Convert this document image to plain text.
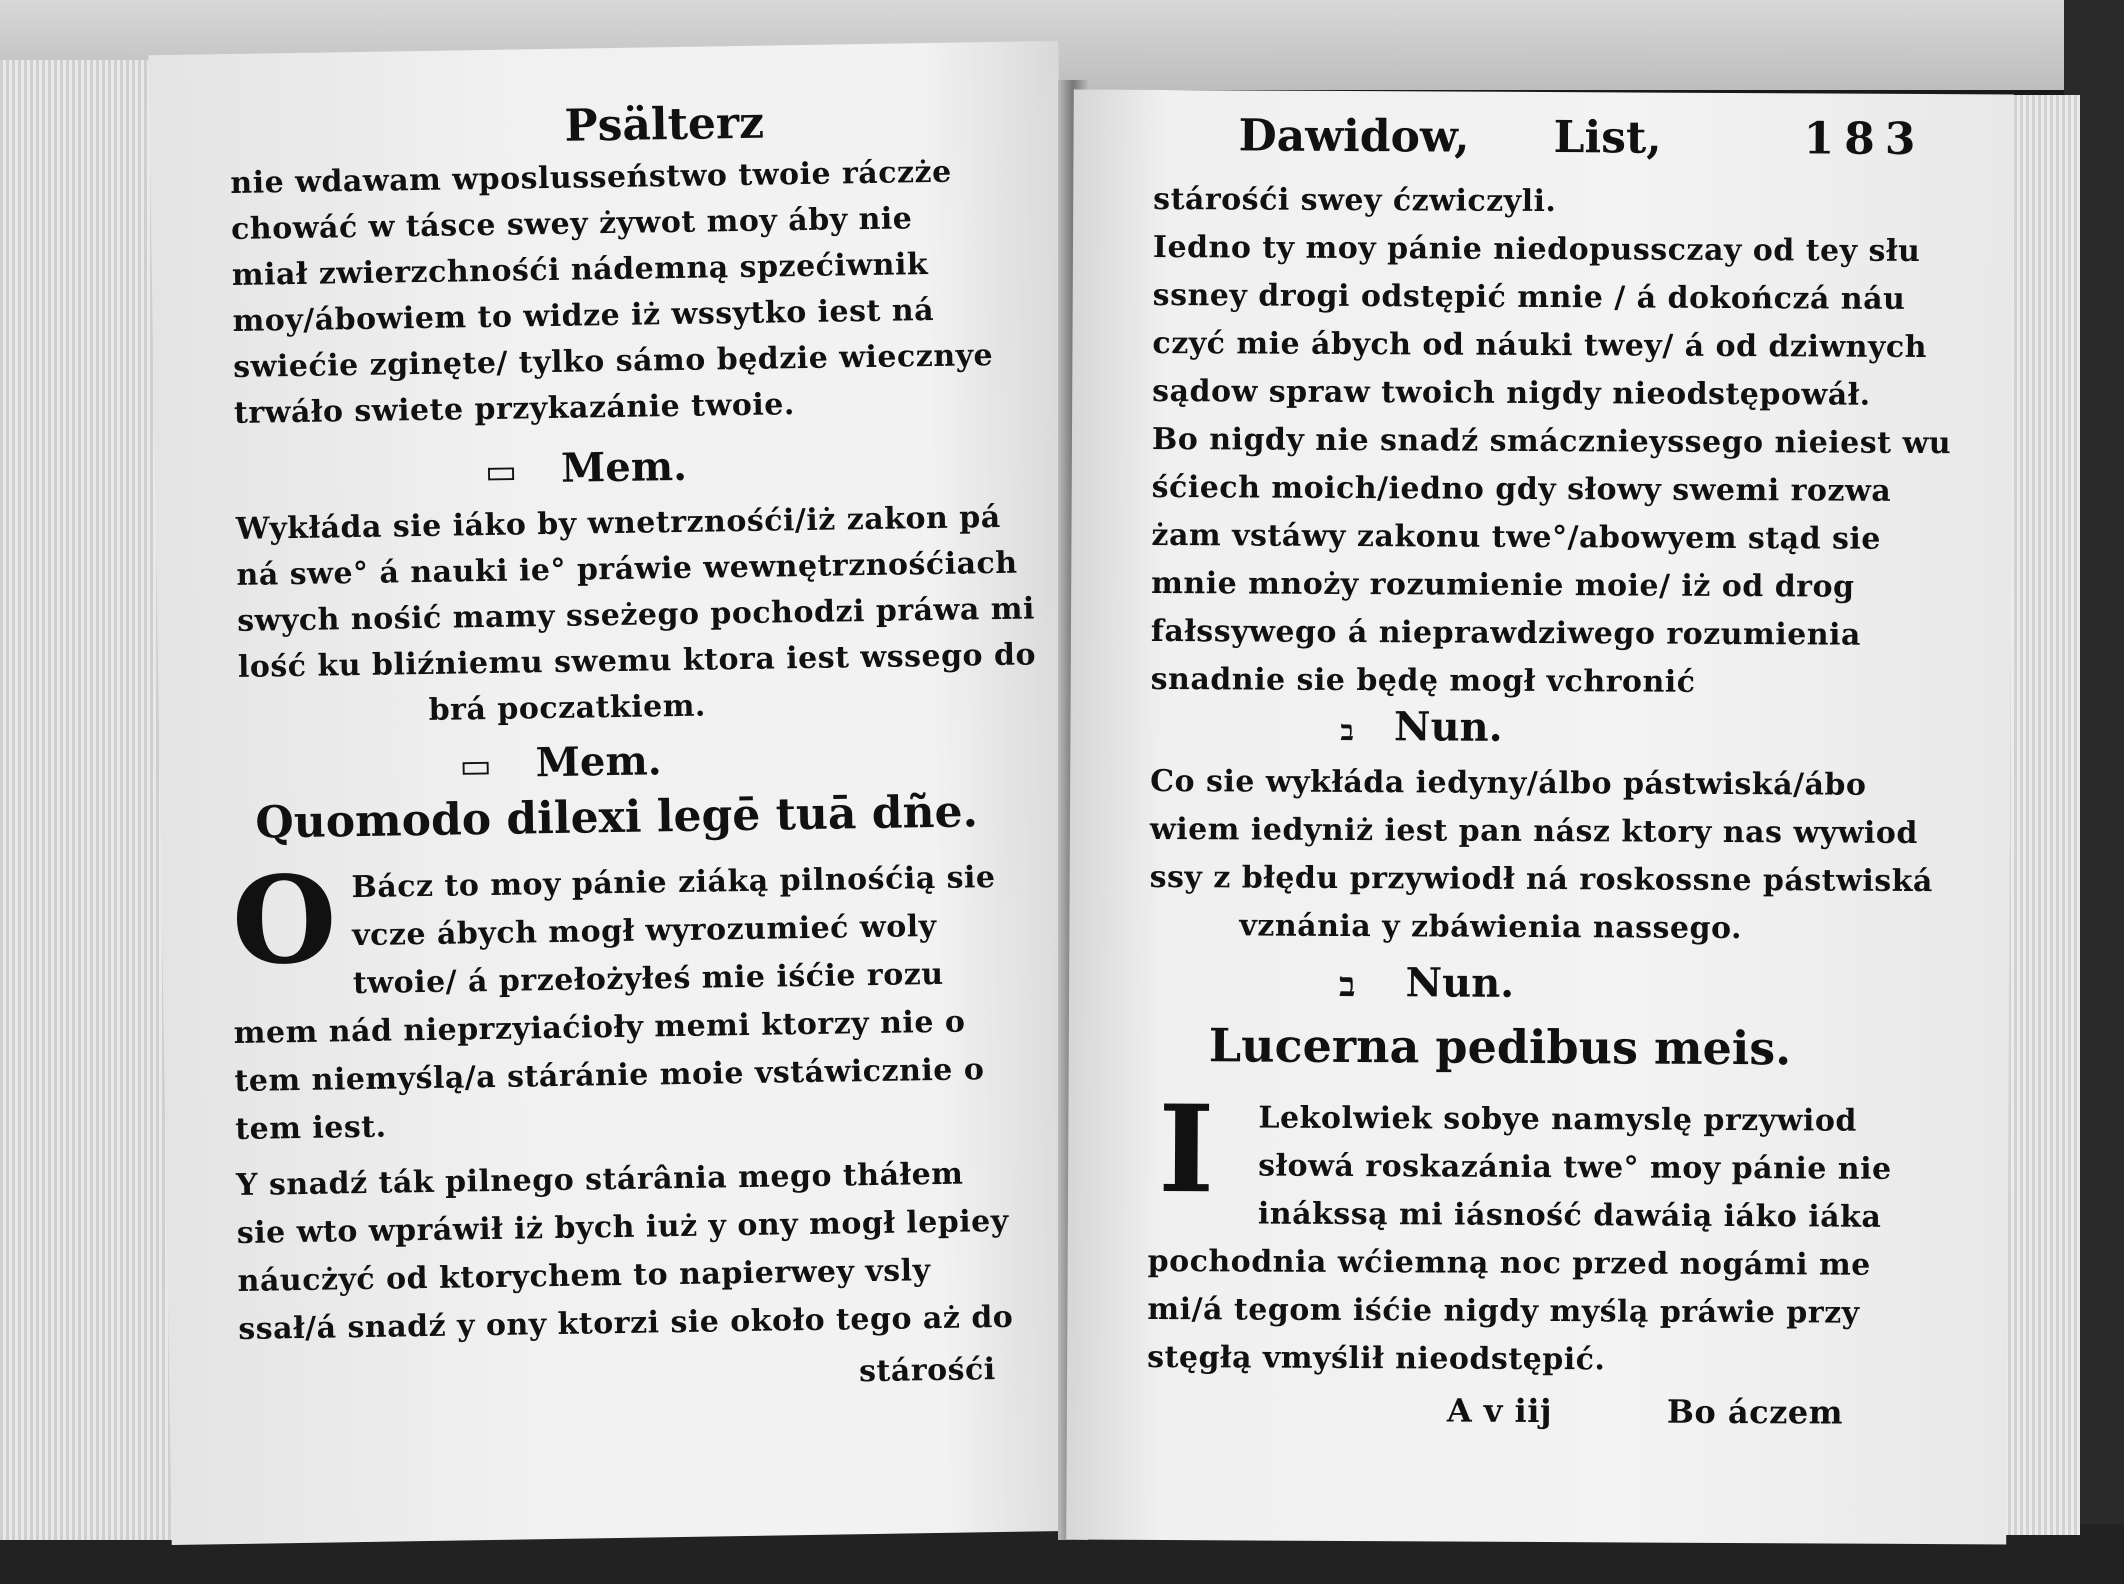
Psälterz
nie wdawam wposlusseństwo twoie ráczże
chowáć w tásce swey żywot moy áby nie
miał zwierzchnośći nádemną spzećiwnik
moy/ábowiem to widze iż wssytko iest ná
swiećie zginęte/ tylko sámo będzie wiecznye
trwáło swiete przykazánie twoie.
▭ Mem.
Wykłáda sie iáko by wnetrznośći/iż zakon pá
ná swe° á nauki ie° práwie wewnętrznośćiach
swych nośić mamy sseżego pochodzi práwa mi
lość ku bliźniemu swemu ktora iest wssego do
brá poczatkiem.
▭ Mem.
Quomodo dilexi legē tuā dñe.
O Bácz to moy pánie ziáką pilnośćią sie
vcze ábych mogł wyrozumieć woly
twoie/ á przełożyłeś mie iśćie rozu
mem nád nieprzyiaćioły memi ktorzy nie o
tem niemyślą/a stáránie moie vstáwicznie o
tem iest.
Y snadź ták pilnego stárânia mego tháłem
sie wto wpráwił iż bych iuż y ony mogł lepiey
náucżyć od ktorychem to napierwey vsly
ssał/á snadź y ony ktorzi sie około tego aż do
stárośći
Dawidow, List,	183
stárośći swey ćzwiczyli.
Iedno ty moy pánie niedopussczay od tey słu
ssney drogi odstępić mnie / á dokończá náu
czyć mie ábych od náuki twey/ á od dziwnych
sądow spraw twoich nigdy nieodstępowáł.
Bo nigdy nie snadź smácznieyssego nieiest wu
śćiech moich/iedno gdy słowy swemi rozwa
żam vstáwy zakonu twe°/abowyem stąd sie
mnie mnoży rozumienie moie/ iż od drog
fałssywego á nieprawdziwego rozumienia
snadnie sie będę mogł vchronić
ב Nun.
Co sie wykłáda iedyny/álbo pástwiská/ábo
wiem iedyniż iest pan nász ktory nas wywiod
ssy z błędu przywiodł ná roskossne pástwiská
vznánia y zbáwienia nassego.
ב Nun.
Lucerna pedibus meis.
I Lekolwiek sobye namyslę przywiod
słowá roskazánia twe° moy pánie nie
inákssą mi iásność dawáią iáko iáka
pochodnia wćiemną noc przed nogámi me
mi/á tegom iśćie nigdy myślą práwie przy
stęgłą vmyślił nieodstępić.
A v iij	Bo áczem
